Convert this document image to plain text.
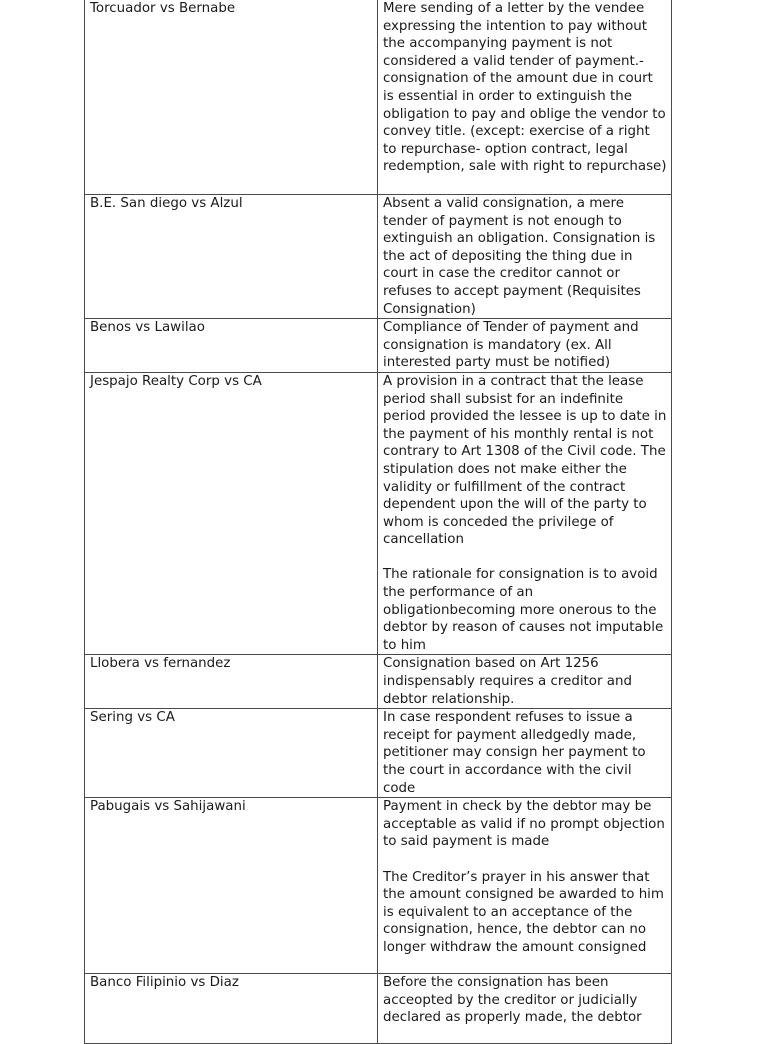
Torcuador vs Bernabe	Mere sending of a letter by the vendee expressing the intention to pay without the accompanying payment is not considered a valid tender of payment.- consignation of the amount due in court is essential in order to extinguish the obligation to pay and oblige the vendor to convey title. (except: exercise of a right to repurchase- option contract, legal redemption, sale with right to repurchase)

B.E. San diego vs Alzul	Absent a valid consignation, a mere tender of payment is not enough to extinguish an obligation. Consignation is the act of depositing the thing due in court in case the creditor cannot or refuses to accept payment (Requisites Consignation)

Benos vs Lawilao	Compliance of Tender of payment and consignation is mandatory (ex. All interested party must be notified)

Jespajo Realty Corp vs CA	A provision in a contract that the lease period shall subsist for an indefinite period provided the lessee is up to date in the payment of his monthly rental is not contrary to Art 1308 of the Civil code. The stipulation does not make either the validity or fulfillment of the contract dependent upon the will of the party to whom is conceded the privilege of cancellation

The rationale for consignation is to avoid the performance of an obligationbecoming more onerous to the debtor by reason of causes not imputable to him

Llobera vs fernandez	Consignation based on Art 1256 indispensably requires a creditor and debtor relationship.

Sering vs CA	In case respondent refuses to issue a receipt for payment alledgedly made, petitioner may consign her payment to the court in accordance with the civil code

Pabugais vs Sahijawani	Payment in check by the debtor may be acceptable as valid if no prompt objection to said payment is made

The Creditor’s prayer in his answer that the amount consigned be awarded to him is equivalent to an acceptance of the consignation, hence, the debtor can no longer withdraw the amount consigned

Banco Filipinio vs Diaz	Before the consignation has been acceopted by the creditor or judicially declared as properly made, the debtor
